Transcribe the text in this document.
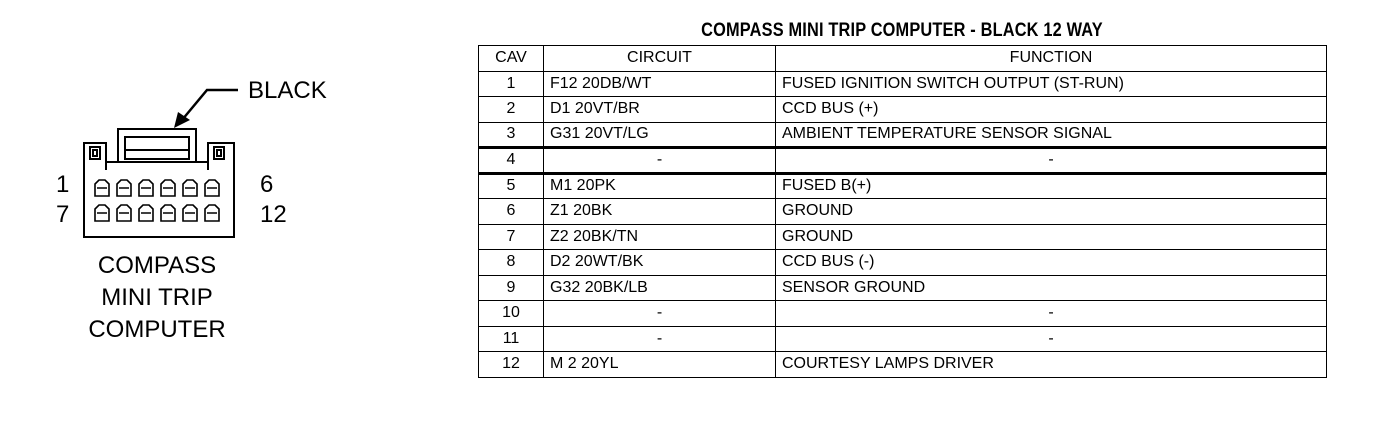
BLACK
1	6
7	12
COMPASS
MINI TRIP
COMPUTER
COMPASS MINI TRIP COMPUTER - BLACK 12 WAY
CAV	CIRCUIT	FUNCTION
1	F12 20DB/WT	FUSED IGNITION SWITCH OUTPUT (ST-RUN)
2	D1 20VT/BR	CCD BUS (+)
3	G31 20VT/LG	AMBIENT TEMPERATURE SENSOR SIGNAL
4	-	-
5	M1 20PK	FUSED B(+)
6	Z1 20BK	GROUND
7	Z2 20BK/TN	GROUND
8	D2 20WT/BK	CCD BUS (-)
9	G32 20BK/LB	SENSOR GROUND
10	-	-
11	-	-
12	M 2 20YL	COURTESY LAMPS DRIVER
